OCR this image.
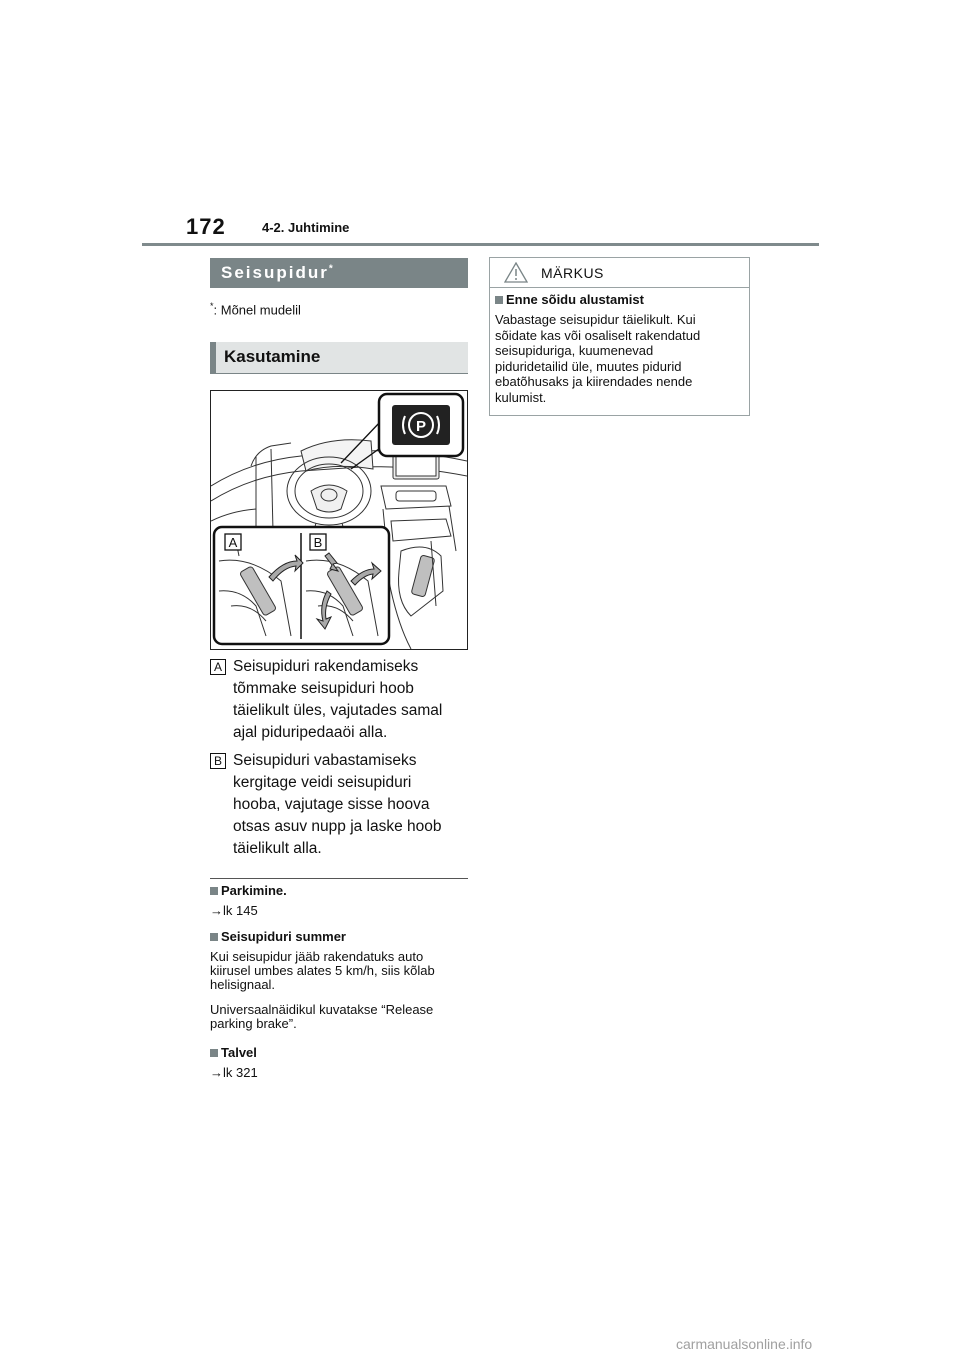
172	4-2. Juhtimine
Seisupidur*
*: Mõnel mudelil
Kasutamine
P
A	B
A Seisupiduri rakendamiseks
tõmmake seisupiduri hoob
täielikult üles, vajutades samal
ajal piduripedaaöi alla.
B Seisupiduri vabastamiseks
kergitage veidi seisupiduri
hooba, vajutage sisse hoova
otsas asuv nupp ja laske hoob
täielikult alla.
Parkimine.
→lk 145
Seisupiduri summer
Kui seisupidur jääb rakendatuks auto
kiirusel umbes alates 5 km/h, siis kõlab
helisignaal.
Universaalnäidikul kuvatakse “Release
parking brake”.
Talvel
→lk 321
MÄRKUS
Enne sõidu alustamist
Vabastage seisupidur täielikult. Kui
sõidate kas või osaliselt rakendatud
seisupiduriga, kuumenevad
piduridetailid üle, muutes pidurid
ebatõhusaks ja kiirendades nende
kulumist.
carmanualsonline.info
